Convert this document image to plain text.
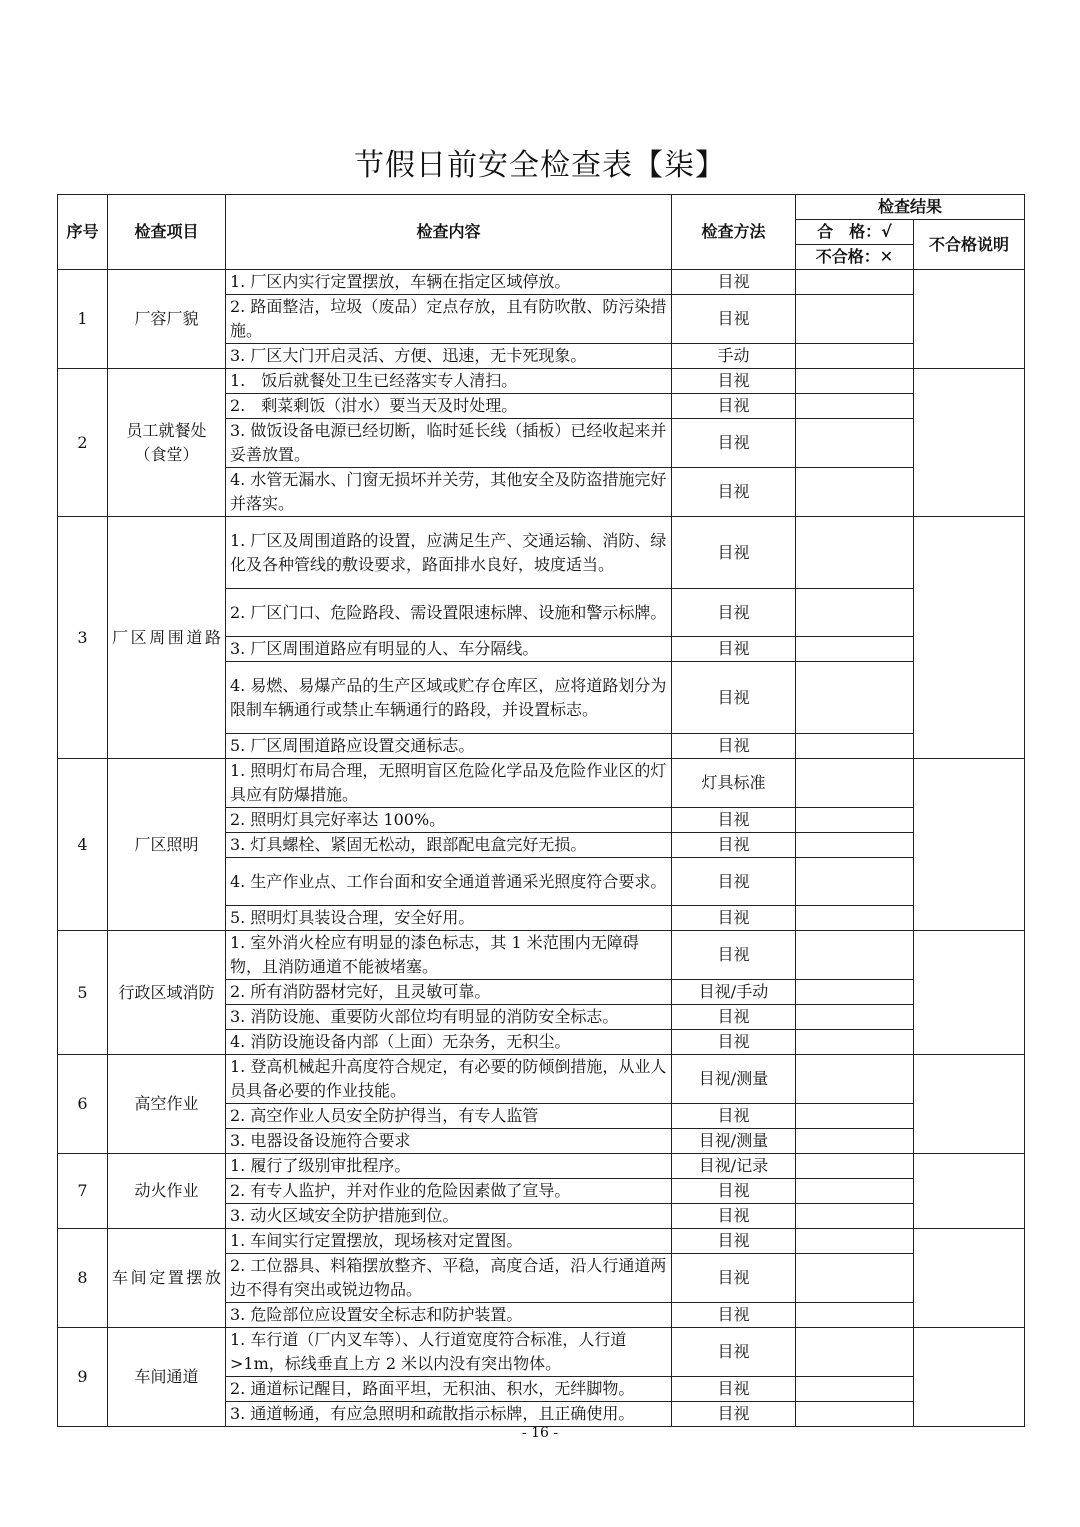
节假日前安全检查表【柒】
序号	检查项目	检查内容	检查方法	检查结果	
				合　格：√	不合格说明
				不合格：✕	
1	厂容厂貌	1. 厂区内实行定置摆放，车辆在指定区域停放。	目视		
		2. 路面整洁，垃圾（废品）定点存放，且有防吹散、防污染措施。	目视		
		3. 厂区大门开启灵活、方便、迅速，无卡死现象。	手动		
2	员工就餐处（食堂）	1.　饭后就餐处卫生已经落实专人清扫。	目视		
		2.　剩菜剩饭（泔水）要当天及时处理。	目视		
		3. 做饭设备电源已经切断，临时延长线（插板）已经收起来并妥善放置。	目视		
		4. 水管无漏水、门窗无损坏并关劳，其他安全及防盗措施完好并落实。	目视		
3	厂区周围道路	1. 厂区及周围道路的设置，应满足生产、交通运输、消防、绿化及各种管线的敷设要求，路面排水良好，坡度适当。	目视		
		2. 厂区门口、危险路段、需设置限速标牌、设施和警示标牌。	目视		
		3. 厂区周围道路应有明显的人、车分隔线。	目视		
		4. 易燃、易爆产品的生产区域或贮存仓库区，应将道路划分为限制车辆通行或禁止车辆通行的路段，并设置标志。	目视		
		5. 厂区周围道路应设置交通标志。	目视		
4	厂区照明	1. 照明灯布局合理，无照明盲区危险化学品及危险作业区的灯具应有防爆措施。	灯具标准		
		2. 照明灯具完好率达 100%。	目视		
		3. 灯具螺栓、紧固无松动，跟部配电盒完好无损。	目视		
		4. 生产作业点、工作台面和安全通道普通采光照度符合要求。	目视		
		5. 照明灯具装设合理，安全好用。	目视		
5	行政区域消防	1. 室外消火栓应有明显的漆色标志，其 1 米范围内无障碍物，且消防通道不能被堵塞。	目视		
		2. 所有消防器材完好，且灵敏可靠。	目视/手动		
		3. 消防设施、重要防火部位均有明显的消防安全标志。	目视		
		4. 消防设施设备内部（上面）无杂务，无积尘。	目视		
6	高空作业	1. 登高机械起升高度符合规定，有必要的防倾倒措施，从业人员具备必要的作业技能。	目视/测量		
		2. 高空作业人员安全防护得当，有专人监管	目视		
		3. 电器设备设施符合要求	目视/测量		
7	动火作业	1. 履行了级别审批程序。	目视/记录		
		2. 有专人监护，并对作业的危险因素做了宣导。	目视		
		3. 动火区域安全防护措施到位。	目视		
8	车间定置摆放	1. 车间实行定置摆放，现场核对定置图。	目视		
		2. 工位器具、料箱摆放整齐、平稳，高度合适，沿人行通道两边不得有突出或锐边物品。	目视		
		3. 危险部位应设置安全标志和防护装置。	目视		
9	车间通道	1. 车行道（厂内叉车等）、人行道宽度符合标准，人行道>1m，标线垂直上方 2 米以内没有突出物体。	目视		
		2. 通道标记醒目，路面平坦，无积油、积水，无绊脚物。	目视		
		3. 通道畅通，有应急照明和疏散指示标牌，且正确使用。	目视		
- 16 -
